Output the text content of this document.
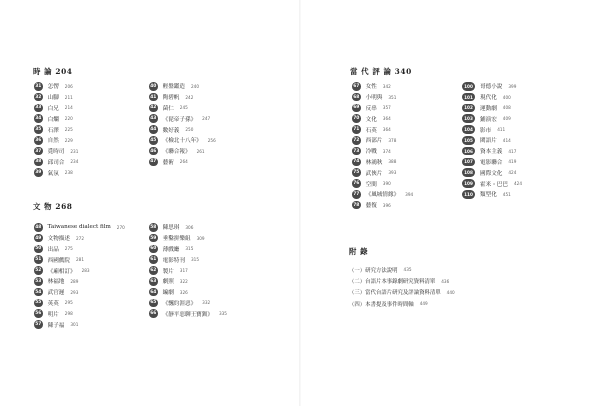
時 論 204
31 怎愣 206
32 山腳 211
33 白兄 214
34 白爛 220
35 石澤 225
36 自然 229
37 覓時司 231
38 邱司合 234
39 氣氛 238
40 輕盤鑑造 240
41 陶碧帆 242
42 菌仁 245
43 《琵帝子孫》 247
44 數好義 250
45 《檢北十八年》 256
46 《聯合報》 261
47 藝術 264
文 物 268
48 Taiwanese dialect film 270
49 文物描述 272
50 出品 275
51 西國戲院 281
52 《廂相訂》 283
53 林福地 289
54 武官遲 293
55 英英 295
56 明片 298
57 陳子福 301
58 陳思琪 306
59 垂鑿拼樂組 309
60 薄戲廳 315
61 電影特刊 315
62 製片 317
63 劇照 322
64 編劇 326
65 《飄約涯惡》 332
66 《靜平惡聊王寶釧》 335
當 代 評 論 340
67 女性 342
68 小明與 351
69 反串 357
70 文化 364
71 石英 364
72 西部片 378
73 冷戰 374
74 林鴻秋 388
75 武俠片 393
76 空間 390
77 《風城情緣》 394
78 藝復 396
100	哥德小說 399
101	現代化 400
102	運動劇 408
103	鋪演宏 409
104	影市 411
105	閩語片 414
106	資本主義 417
107	電影聯合 419
108	國際文化 424
109	霍米・巴巴 424
110	類型化 451
附 錄
（一）研究方法說明 435
（二）台語片本事錄劇研究資料清單 436
（三）當代台語片研究及評論資料清單 440
（四）本書提及事件時間軸 449
